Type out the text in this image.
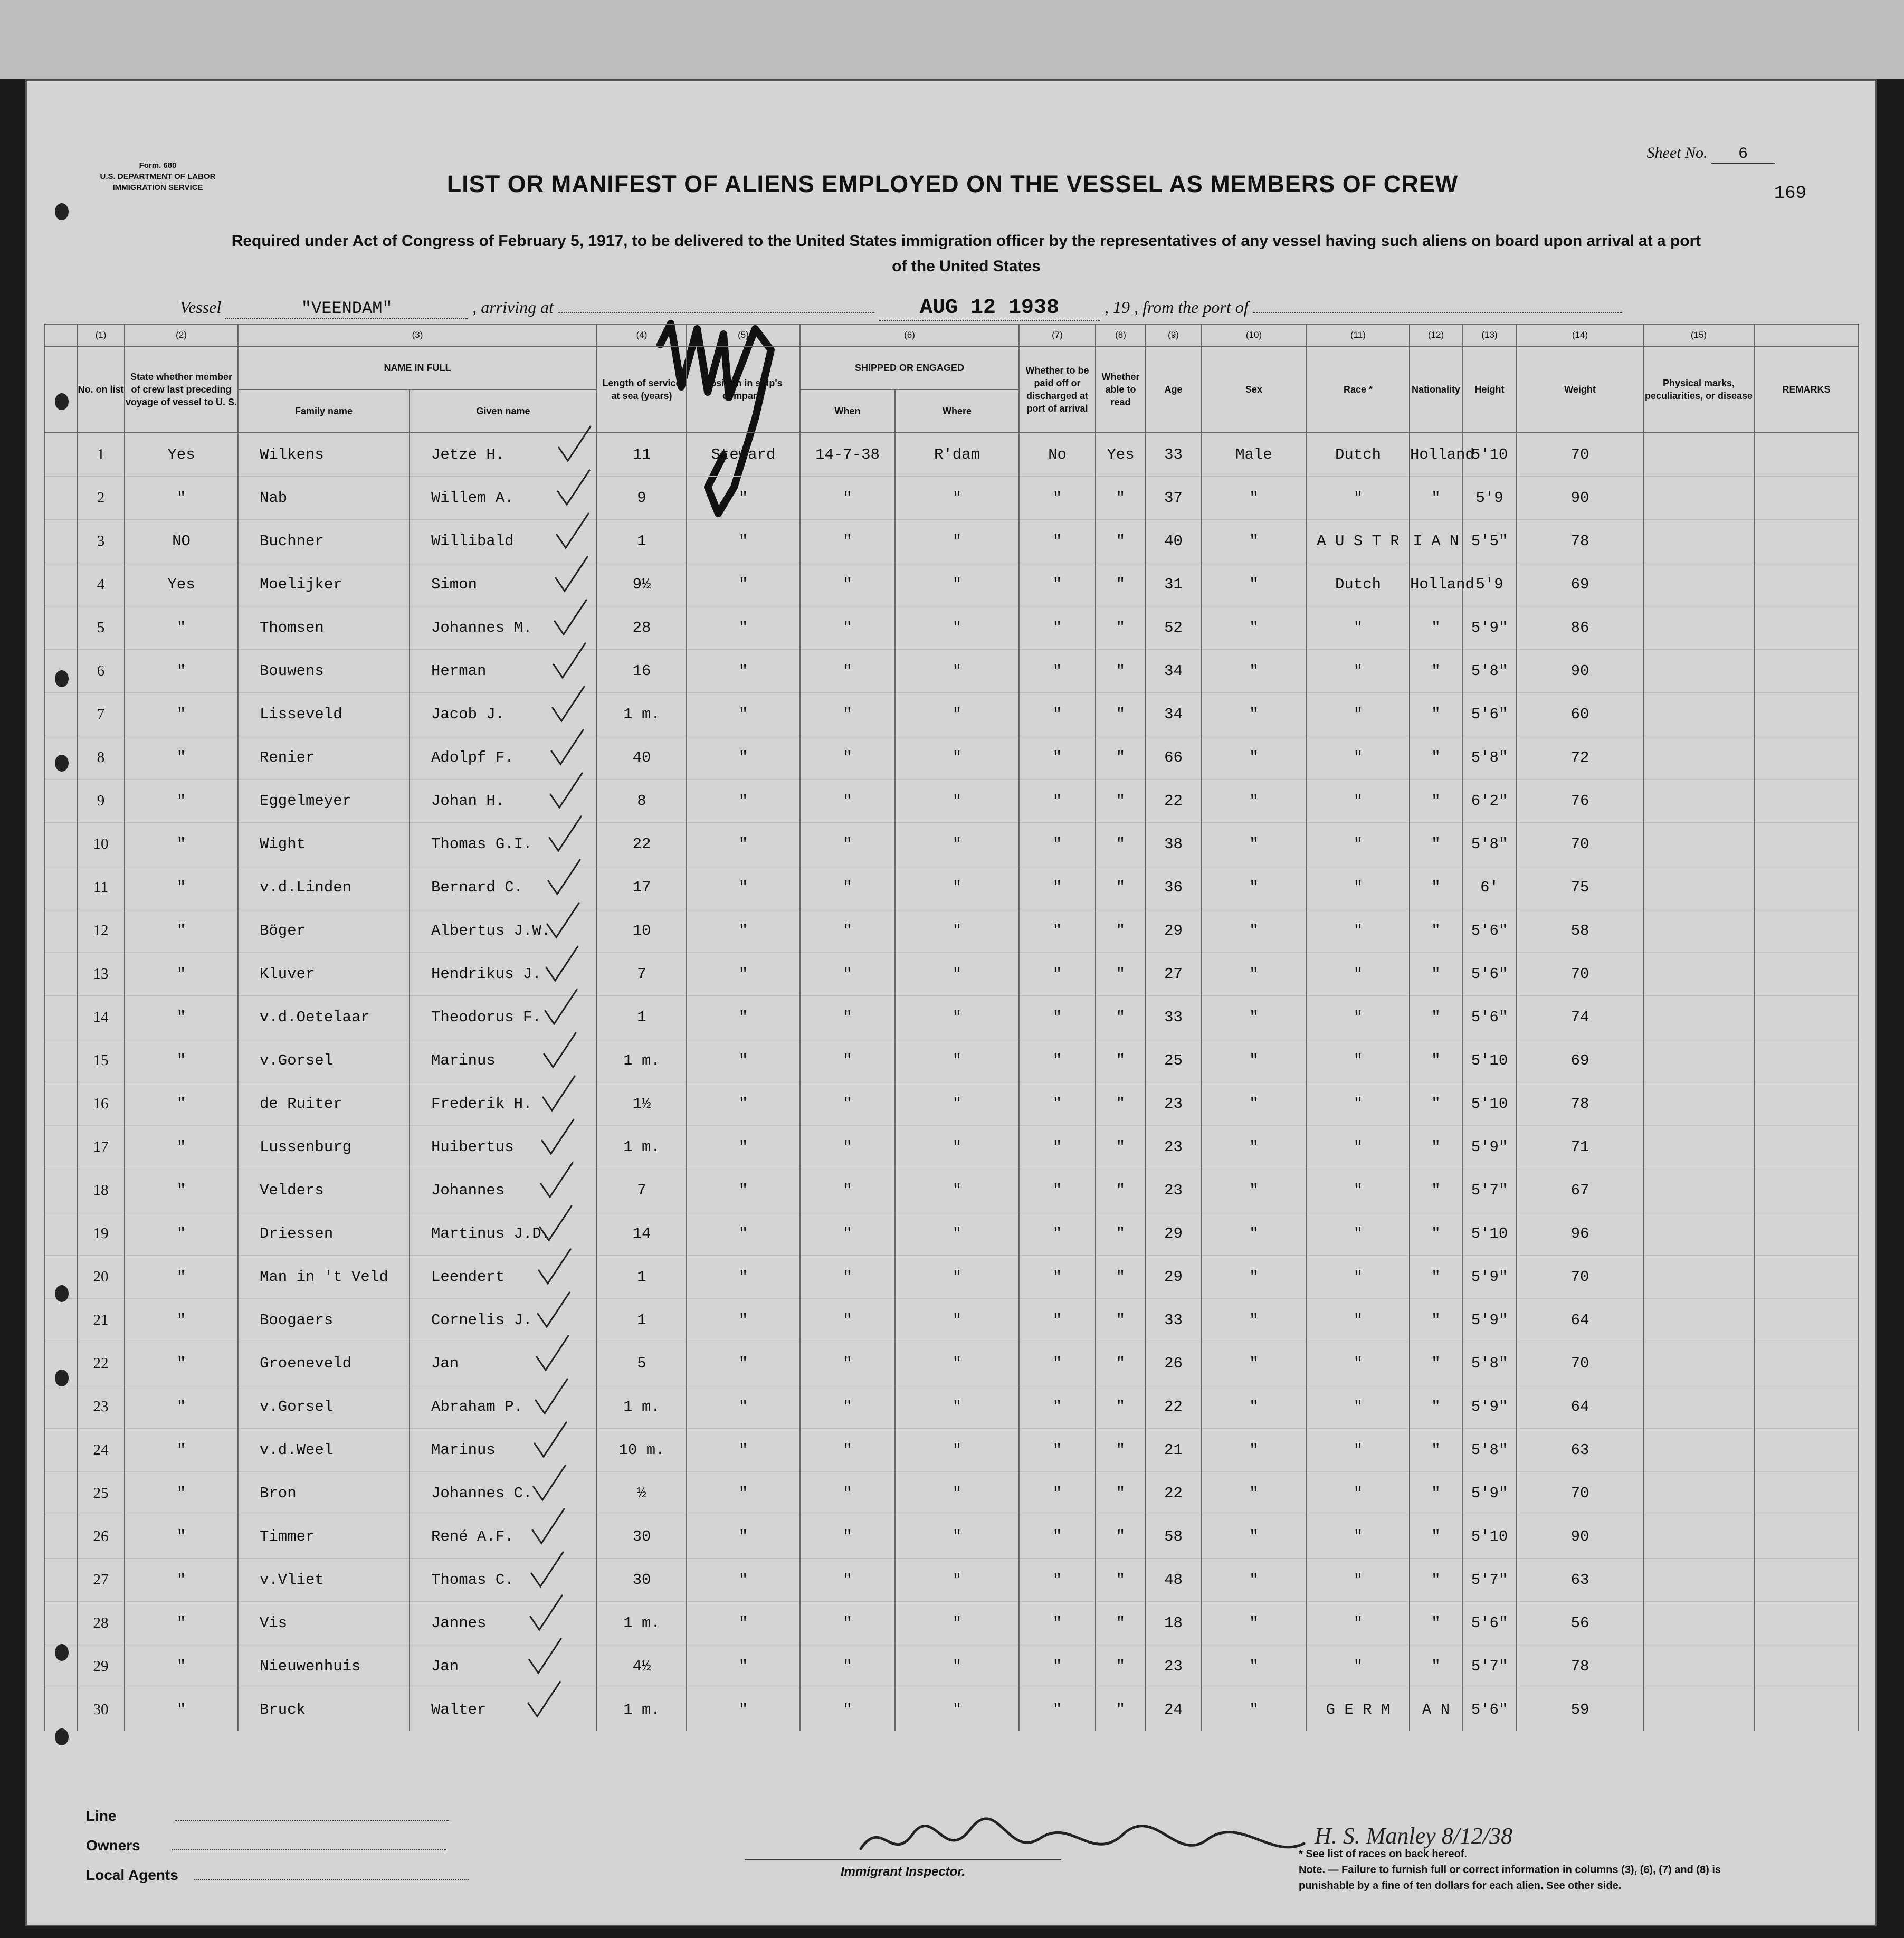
Form. 680
U.S. DEPARTMENT OF LABOR
IMMIGRATION SERVICE
Sheet No. 6
169
LIST OR MANIFEST OF ALIENS EMPLOYED ON THE VESSEL AS MEMBERS OF CREW
Required under Act of Congress of February 5, 1917, to be delivered to the United States immigration officer by the representatives of any vessel having such aliens on board upon arrival at a port
of the United States
Vessel	"VEENDAM"	, arriving at	AUG 12 1938	, 19 , from the port of
	(1)	(2)	(3)		(4)	(5)	(6)		(7)	(8)	(9)	(10)	(11)	(12)	(13)	(14)	(15)	
	No. on list	State whether member of crew last preceding voyage of vessel to U. S.	NAME IN FULL		Length of service at sea (years)	Position in ship's company	SHIPPED OR ENGAGED		Whether to be paid off or discharged at port of arrival	Whether able to read	Age	Sex	Race *	Nationality	Height	Weight	Physical marks, peculiarities, or disease	REMARKS
			Family name	Given name			When	Where										
	1	Yes	Wilkens	Jetze H.	11	Steward	14-7-38	R'dam	No	Yes	33	Male	Dutch	Holland	5'10	70		
	2	"	Nab	Willem A.	9	"	"	"	"	"	37	"	"	"	5'9	90		
	3	NO	Buchner	Willibald	1	"	"	"	"	"	40	"	A U S T R	I A N	5'5"	78		
	4	Yes	Moelijker	Simon	9½	"	"	"	"	"	31	"	Dutch	Holland	5'9	69		
	5	"	Thomsen	Johannes M.	28	"	"	"	"	"	52	"	"	"	5'9"	86		
	6	"	Bouwens	Herman	16	"	"	"	"	"	34	"	"	"	5'8"	90		
	7	"	Lisseveld	Jacob J.	1 m.	"	"	"	"	"	34	"	"	"	5'6"	60		
	8	"	Renier	Adolpf F.	40	"	"	"	"	"	66	"	"	"	5'8"	72		
	9	"	Eggelmeyer	Johan H.	8	"	"	"	"	"	22	"	"	"	6'2"	76		
	10	"	Wight	Thomas G.I.	22	"	"	"	"	"	38	"	"	"	5'8"	70		
	11	"	v.d.Linden	Bernard C.	17	"	"	"	"	"	36	"	"	"	6'	75		
	12	"	Böger	Albertus J.W.	10	"	"	"	"	"	29	"	"	"	5'6"	58		
	13	"	Kluver	Hendrikus J.	7	"	"	"	"	"	27	"	"	"	5'6"	70		
	14	"	v.d.Oetelaar	Theodorus F.	1	"	"	"	"	"	33	"	"	"	5'6"	74		
	15	"	v.Gorsel	Marinus	1 m.	"	"	"	"	"	25	"	"	"	5'10	69		
	16	"	de Ruiter	Frederik H.	1½	"	"	"	"	"	23	"	"	"	5'10	78		
	17	"	Lussenburg	Huibertus	1 m.	"	"	"	"	"	23	"	"	"	5'9"	71		
	18	"	Velders	Johannes	7	"	"	"	"	"	23	"	"	"	5'7"	67		
	19	"	Driessen	Martinus J.D.	14	"	"	"	"	"	29	"	"	"	5'10	96		
	20	"	Man in 't Veld	Leendert	1	"	"	"	"	"	29	"	"	"	5'9"	70		
	21	"	Boogaers	Cornelis J.	1	"	"	"	"	"	33	"	"	"	5'9"	64		
	22	"	Groeneveld	Jan	5	"	"	"	"	"	26	"	"	"	5'8"	70		
	23	"	v.Gorsel	Abraham P.	1 m.	"	"	"	"	"	22	"	"	"	5'9"	64		
	24	"	v.d.Weel	Marinus	10 m.	"	"	"	"	"	21	"	"	"	5'8"	63		
	25	"	Bron	Johannes C.	½	"	"	"	"	"	22	"	"	"	5'9"	70		
	26	"	Timmer	René A.F.	30	"	"	"	"	"	58	"	"	"	5'10	90		
	27	"	v.Vliet	Thomas C.	30	"	"	"	"	"	48	"	"	"	5'7"	63		
	28	"	Vis	Jannes	1 m.	"	"	"	"	"	18	"	"	"	5'6"	56		
	29	"	Nieuwenhuis	Jan	4½	"	"	"	"	"	23	"	"	"	5'7"	78		
	30	"	Bruck	Walter	1 m.	"	"	"	"	"	24	"	G E R M	A N	5'6"	59		
H. S. Manley 8/12/38
Line
Owners
Local Agents	Immigrant Inspector.
* See list of races on back hereof.
Note. — Failure to furnish full or correct information in columns (3), (6), (7) and (8) is punishable by a fine of ten dollars for each alien. See other side.
